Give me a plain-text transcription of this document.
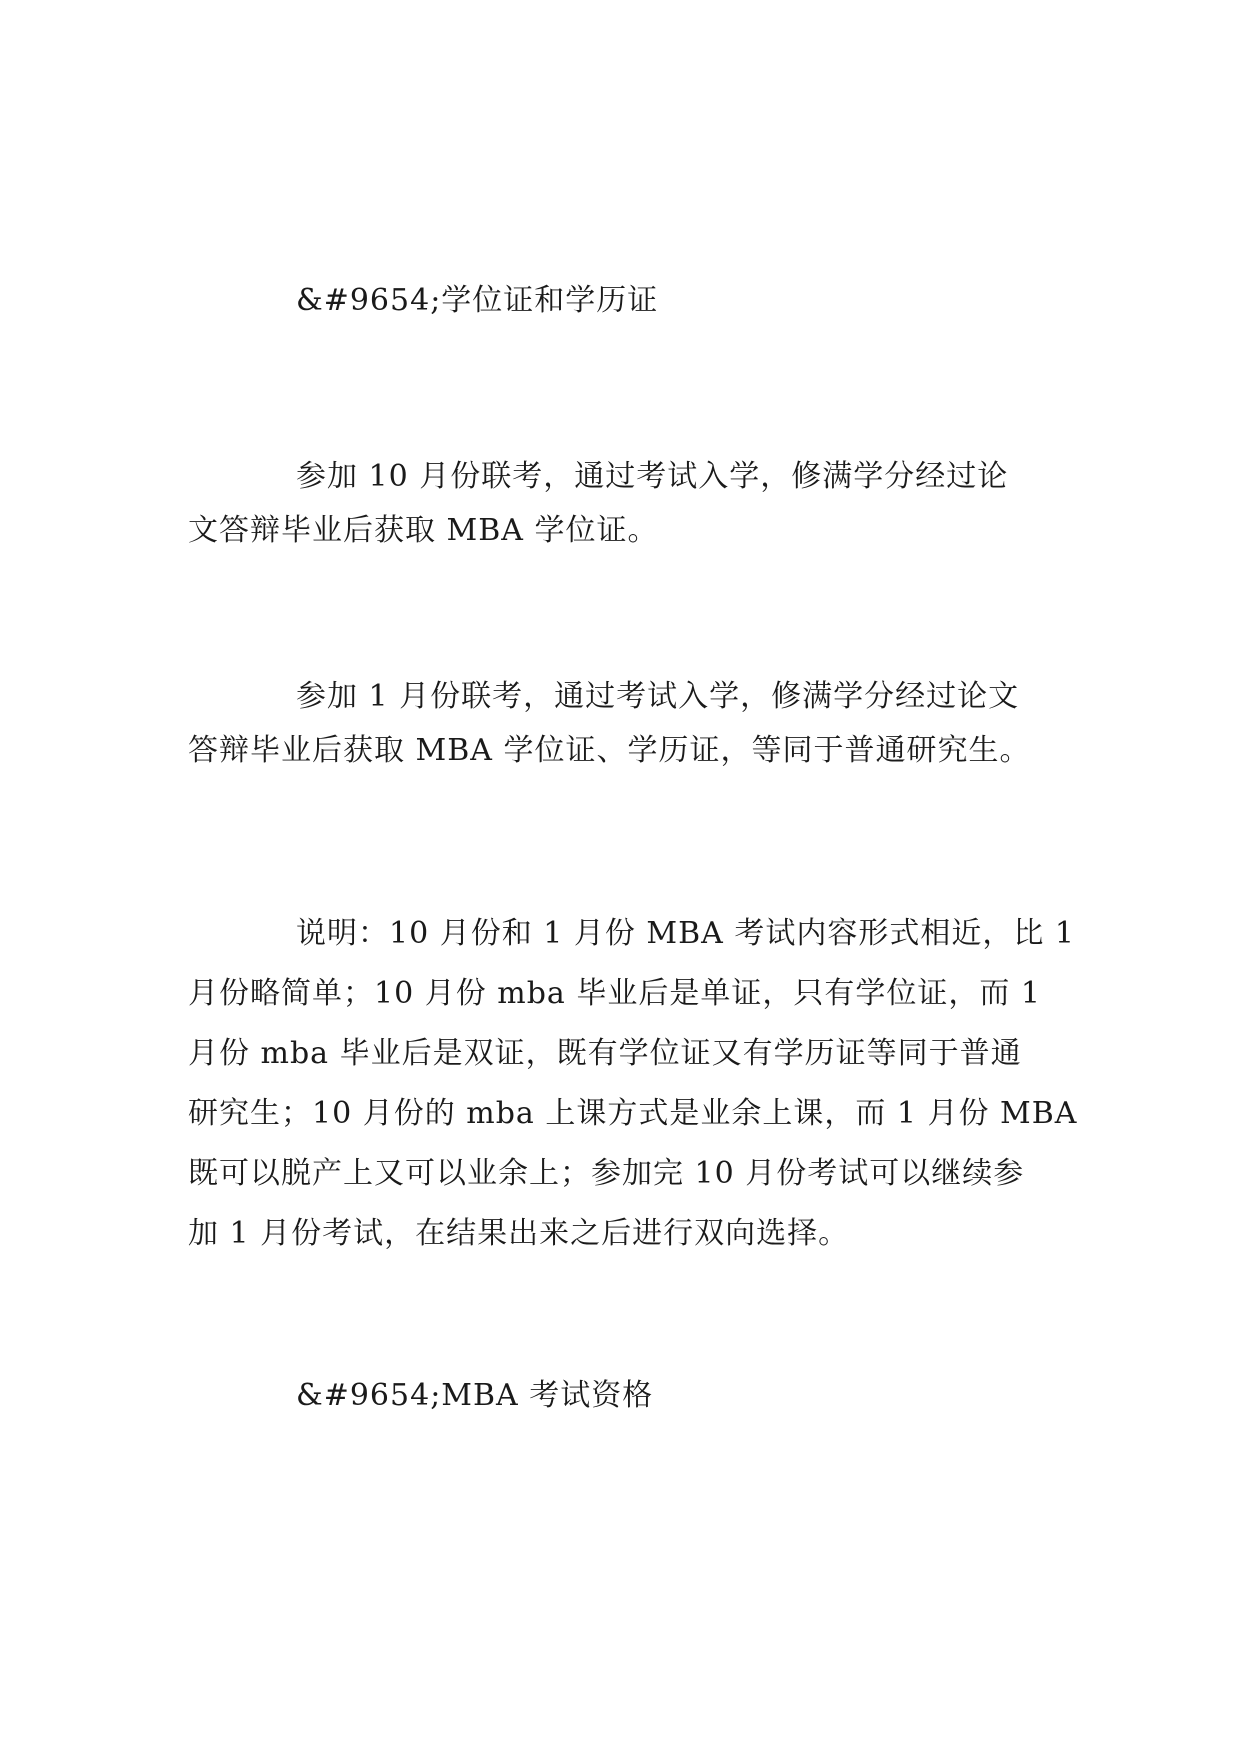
&#9654;学位证和学历证
参加 10 月份联考，通过考试入学，修满学分经过论
文答辩毕业后获取 MBA 学位证。
参加 1 月份联考，通过考试入学，修满学分经过论文
答辩毕业后获取 MBA 学位证、学历证，等同于普通研究生。
说明：10 月份和 1 月份 MBA 考试内容形式相近，比 1
月份略简单；10 月份 mba 毕业后是单证，只有学位证，而 1
月份 mba 毕业后是双证，既有学位证又有学历证等同于普通
研究生；10 月份的 mba 上课方式是业余上课，而 1 月份 MBA
既可以脱产上又可以业余上；参加完 10 月份考试可以继续参
加 1 月份考试，在结果出来之后进行双向选择。
&#9654;MBA 考试资格
